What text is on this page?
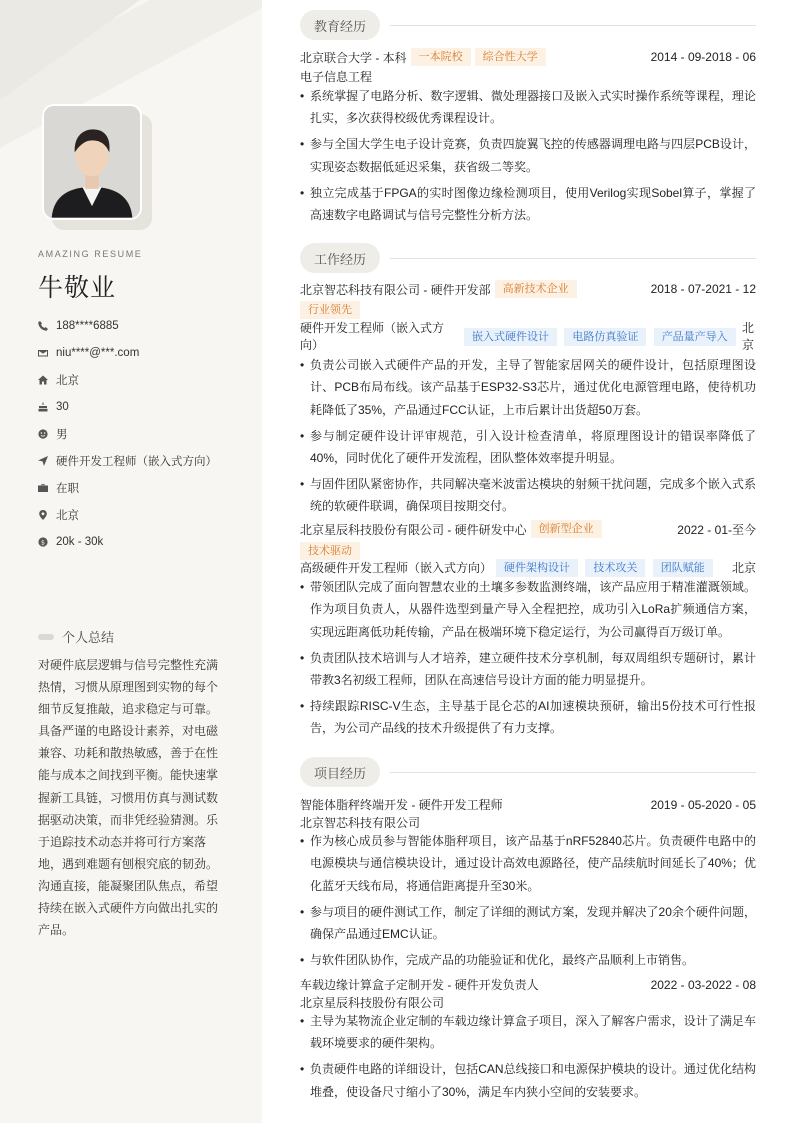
AMAZING RESUME
牛敬业
188****6885
niu****@***.com
北京
30
男
硬件开发工程师（嵌入式方向）
在职
北京
$ 20k - 30k
个人总结
对硬件底层逻辑与信号完整性充满热情，习惯从原理图到实物的每个细节反复推敲，追求稳定与可靠。具备严谨的电路设计素养，对电磁兼容、功耗和散热敏感，善于在性能与成本之间找到平衡。能快速掌握新工具链，习惯用仿真与测试数据驱动决策，而非凭经验猜测。乐于追踪技术动态并将可行方案落地，遇到难题有刨根究底的韧劲。沟通直接，能凝聚团队焦点，希望持续在嵌入式硬件方向做出扎实的产品。
教育经历
北京联合大学 - 本科	一本院校	综合性大学	2014 - 09-2018 - 06
电子信息工程
• 系统掌握了电路分析、数字逻辑、微处理器接口及嵌入式实时操作系统等课程，理论扎实，多次获得校级优秀课程设计。
• 参与全国大学生电子设计竞赛，负责四旋翼飞控的传感器调理电路与四层PCB设计，实现姿态数据低延迟采集，获省级二等奖。
• 独立完成基于FPGA的实时图像边缘检测项目，使用Verilog实现Sobel算子，掌握了高速数字电路调试与信号完整性分析方法。
工作经历
北京智芯科技有限公司 - 硬件开发部	高新技术企业	2018 - 07-2021 - 12
行业领先
硬件开发工程师（嵌入式方向）
嵌入式硬件设计 电路仿真验证 产品量产导入
北京
• 负责公司嵌入式硬件产品的开发，主导了智能家居网关的硬件设计，包括原理图设计、PCB布局布线。该产品基于ESP32-S3芯片，通过优化电源管理电路，使待机功耗降低了35%，产品通过FCC认证，上市后累计出货超50万套。
• 参与制定硬件设计评审规范，引入设计检查清单，将原理图设计的错误率降低了40%，同时优化了硬件开发流程，团队整体效率提升明显。
• 与固件团队紧密协作，共同解决毫米波雷达模块的射频干扰问题，完成多个嵌入式系统的软硬件联调，确保项目按期交付。
北京星辰科技股份有限公司 - 硬件研发中心	创新型企业	2022 - 01-至今
技术驱动
高级硬件开发工程师（嵌入式方向）	硬件架构设计 技术攻关 团队赋能	北京
• 带领团队完成了面向智慧农业的土壤多参数监测终端，该产品应用于精准灌溉领域。作为项目负责人，从器件选型到量产导入全程把控，成功引入LoRa扩频通信方案，实现远距离低功耗传输，产品在极端环境下稳定运行，为公司赢得百万级订单。
• 负责团队技术培训与人才培养，建立硬件技术分享机制，每双周组织专题研讨，累计带教3名初级工程师，团队在高速信号设计方面的能力明显提升。
• 持续跟踪RISC-V生态，主导基于昆仑芯的AI加速模块预研，输出5份技术可行性报告，为公司产品线的技术升级提供了有力支撑。
项目经历
智能体脂秤终端开发 - 硬件开发工程师	2019 - 05-2020 - 05
北京智芯科技有限公司
• 作为核心成员参与智能体脂秤项目，该产品基于nRF52840芯片。负责硬件电路中的电源模块与通信模块设计，通过设计高效电源路径，使产品续航时间延长了40%；优化蓝牙天线布局，将通信距离提升至30米。
• 参与项目的硬件测试工作，制定了详细的测试方案，发现并解决了20余个硬件问题，确保产品通过EMC认证。
• 与软件团队协作，完成产品的功能验证和优化，最终产品顺利上市销售。
车载边缘计算盒子定制开发 - 硬件开发负责人	2022 - 03-2022 - 08
北京星辰科技股份有限公司
• 主导为某物流企业定制的车载边缘计算盒子项目，深入了解客户需求，设计了满足车载环境要求的硬件架构。
• 负责硬件电路的详细设计，包括CAN总线接口和电源保护模块的设计。通过优化结构堆叠，使设备尺寸缩小了30%，满足车内狭小空间的安装要求。
